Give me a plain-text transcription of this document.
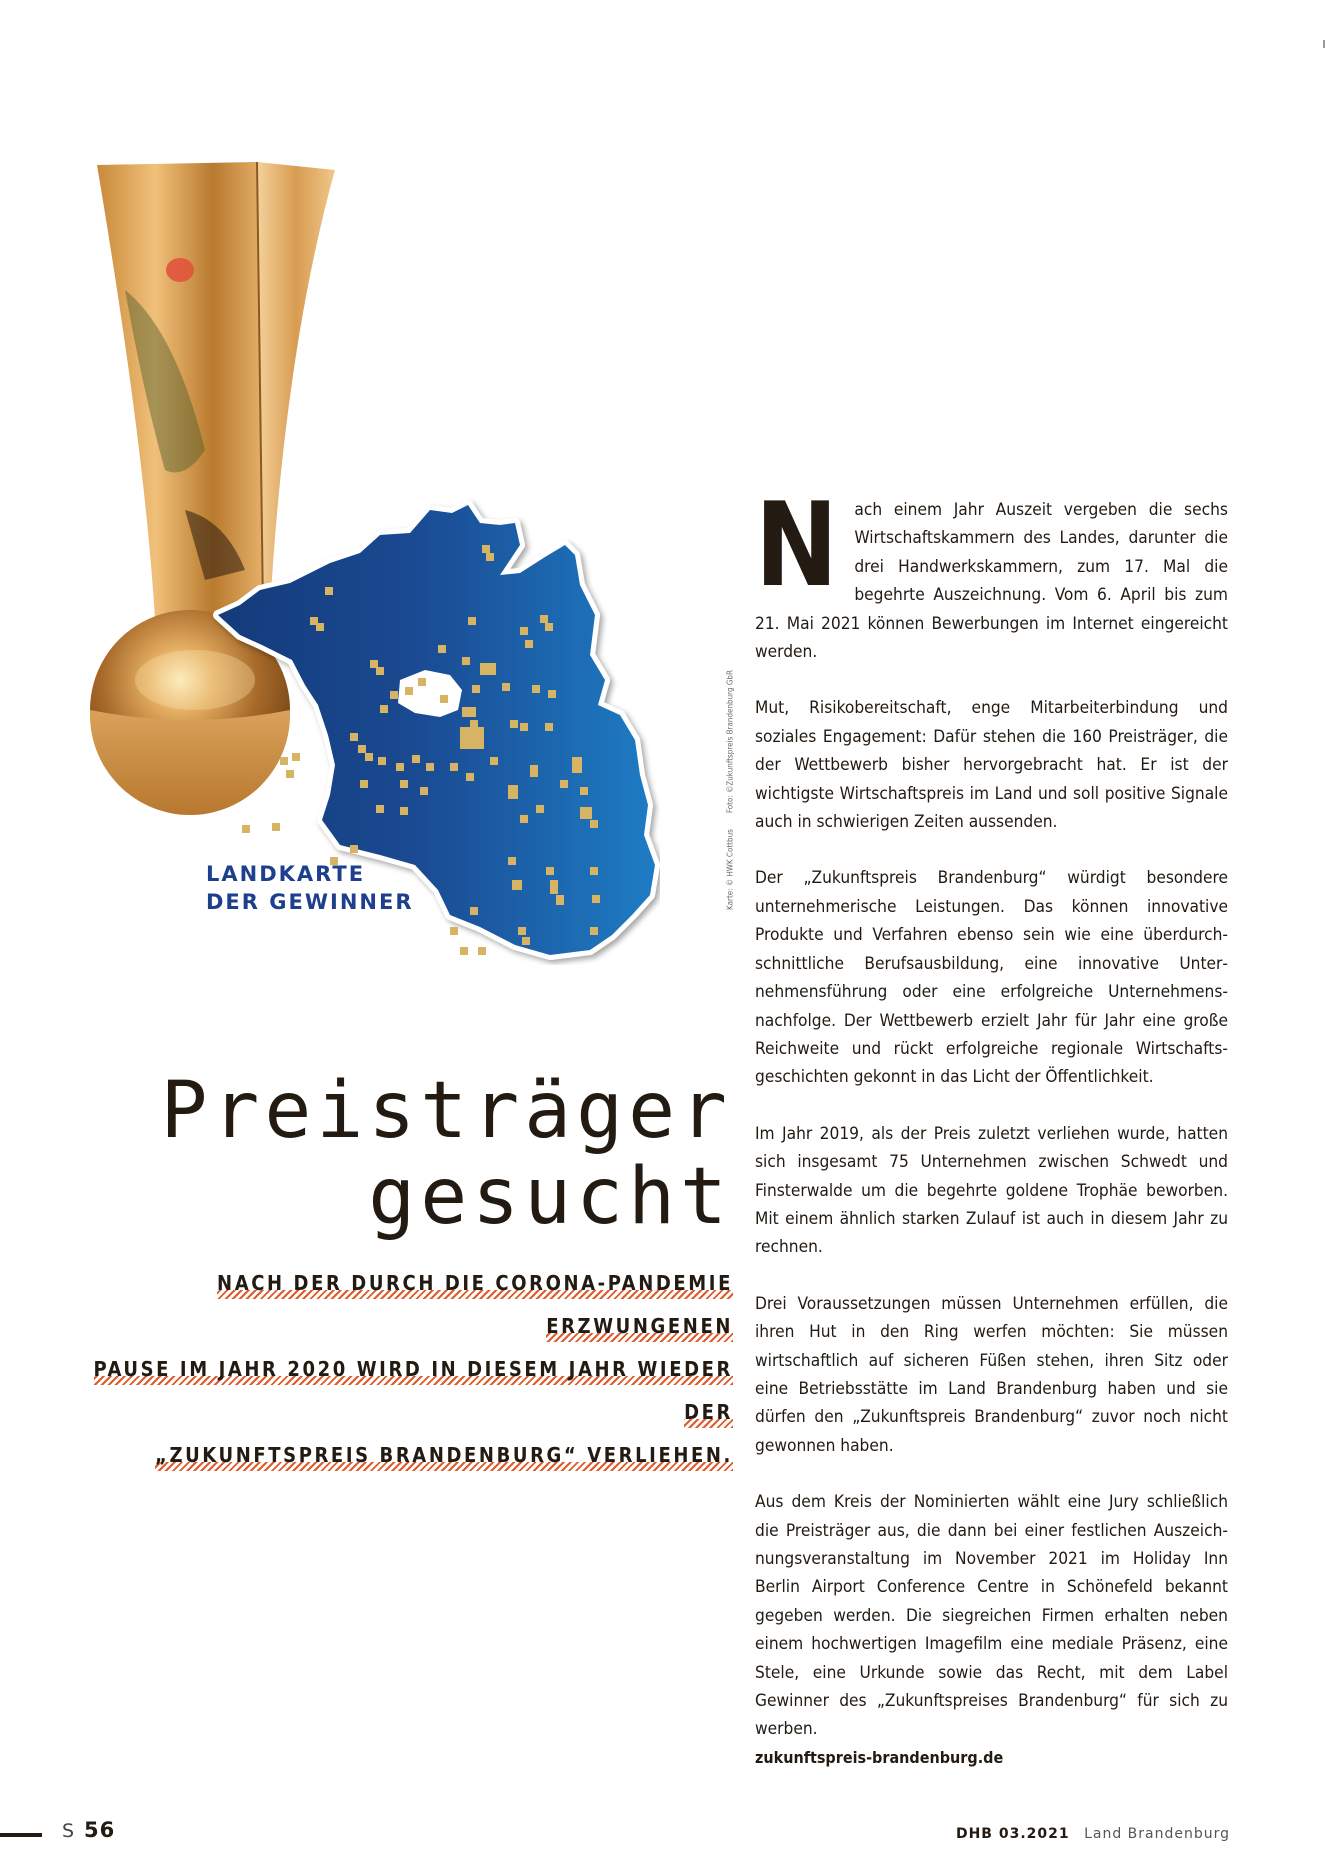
LANDKARTE
DER GEWINNER	Karte: © HWK CottbusFoto: ©Zukunftspreis Brandenburg GbR
Preisträger
gesucht
NACH DER DURCH DIE CORONA-PANDEMIE ERZWUNGENEN
PAUSE IM JAHR 2020 WIRD IN DIESEM JAHR WIEDER DER
„ZUKUNFTSPREIS BRANDENBURG“ VERLIEHEN.

Nach einem Jahr Auszeit vergeben die sechs Wirtschaftskammern des Landes, darunter die drei Handwerkskammern, zum 17. Mal die begehrte Auszeichnung. Vom 6. April bis zum 21. Mai 2021 können Bewerbungen im Internet eingereicht werden.

Mut, Risikobereitschaft, enge Mitarbeiterbindung und soziales Engagement: Dafür stehen die 160 Preisträger, die der Wettbewerb bisher hervorgebracht hat. Er ist der wichtigste Wirtschaftspreis im Land und soll positive Signale auch in schwierigen Zeiten aussenden.

Der „Zukunftspreis Brandenburg“ würdigt besondere unternehmerische Leistungen. Das können innovative Produkte und Verfahren ebenso sein wie eine überdurchschnittliche Berufsausbildung, eine innovative Unternehmensführung oder eine erfolgreiche Unternehmensnachfolge. Der Wettbewerb erzielt Jahr für Jahr eine große Reichweite und rückt erfolgreiche regionale Wirtschaftsgeschichten gekonnt in das Licht der Öffentlichkeit.

Im Jahr 2019, als der Preis zuletzt verliehen wurde, hatten sich insgesamt 75 Unternehmen zwischen Schwedt und Finsterwalde um die begehrte goldene Trophäe beworben. Mit einem ähnlich starken Zulauf ist auch in diesem Jahr zu rechnen.

Drei Voraussetzungen müssen Unternehmen erfüllen, die ihren Hut in den Ring werfen möchten: Sie müssen wirtschaftlich auf sicheren Füßen stehen, ihren Sitz oder eine Betriebsstätte im Land Brandenburg haben und sie dürfen den „Zukunftspreis Brandenburg“ zuvor noch nicht gewonnen haben.

Aus dem Kreis der Nominierten wählt eine Jury schließlich die Preisträger aus, die dann bei einer festlichen Auszeichnungsveranstaltung im November 2021 im Holiday Inn Berlin Airport Conference Centre in Schönefeld bekannt gegeben werden. Die siegreichen Firmen erhalten neben einem hochwertigen Imagefilm eine mediale Präsenz, eine Stele, eine Urkunde sowie das Recht, mit dem Label Gewinner des „Zukunftspreises Brandenburg“ für sich zu werben.

zukunftspreis-brandenburg.de
S 56	DHB 03.2021 Land Brandenburg
